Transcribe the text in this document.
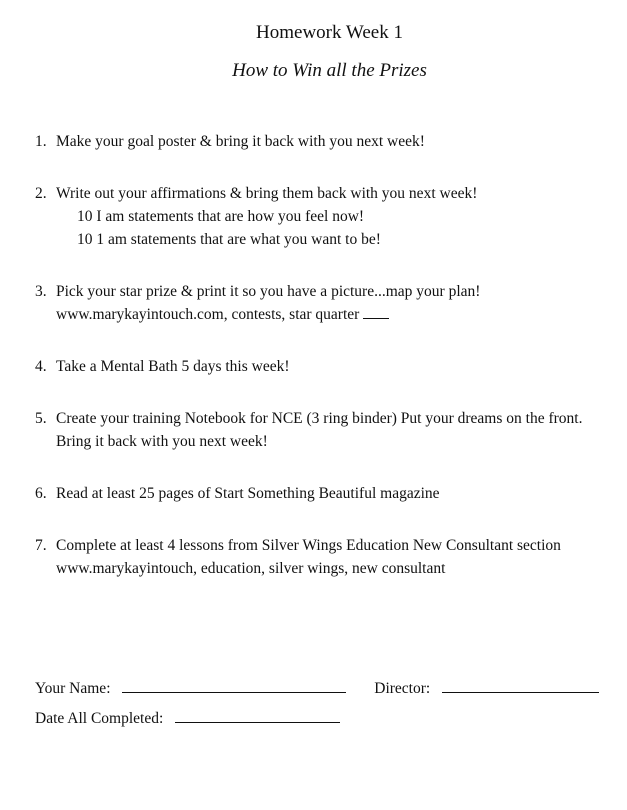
Homework Week 1
How to Win all the Prizes
1. Make your goal poster & bring it back with you next week!
2. Write out your affirmations & bring them back with you next week!
10 I am statements that are how you feel now!
10 1 am statements that are what you want to be!
3. Pick your star prize & print it so you have a picture...map your plan!
www.marykayintouch.com, contests, star quarter
4. Take a Mental Bath 5 days this week!
5. Create your training Notebook for NCE (3 ring binder) Put your dreams on the front.
Bring it back with you next week!
6. Read at least 25 pages of Start Something Beautiful magazine
7. Complete at least 4 lessons from Silver Wings Education New Consultant section
www.marykayintouch, education, silver wings, new consultant
Your Name:	Director:
Date All Completed:
